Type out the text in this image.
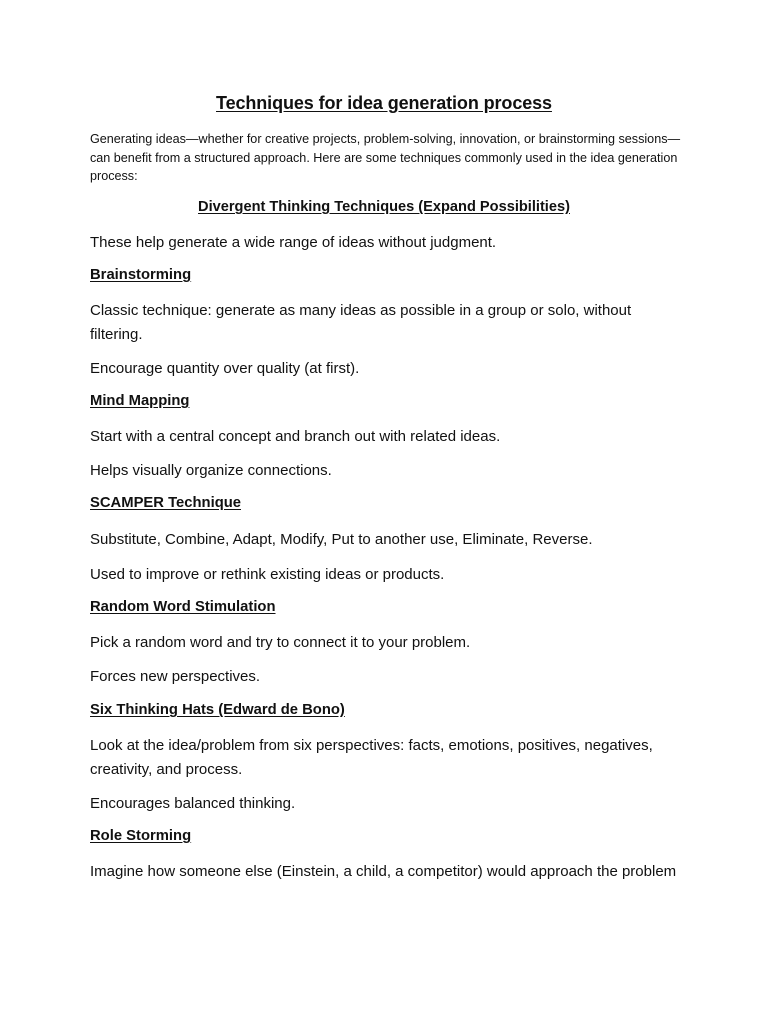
Techniques for idea generation process
Generating ideas—whether for creative projects, problem-solving, innovation, or brainstorming sessions—can benefit from a structured approach. Here are some techniques commonly used in the idea generation process:
Divergent Thinking Techniques (Expand Possibilities)
These help generate a wide range of ideas without judgment.
Brainstorming
Classic technique: generate as many ideas as possible in a group or solo, without filtering.
Encourage quantity over quality (at first).
Mind Mapping
Start with a central concept and branch out with related ideas.
Helps visually organize connections.
SCAMPER Technique
Substitute, Combine, Adapt, Modify, Put to another use, Eliminate, Reverse.
Used to improve or rethink existing ideas or products.
Random Word Stimulation
Pick a random word and try to connect it to your problem.
Forces new perspectives.
Six Thinking Hats (Edward de Bono)
Look at the idea/problem from six perspectives: facts, emotions, positives, negatives, creativity, and process.
Encourages balanced thinking.
Role Storming
Imagine how someone else (Einstein, a child, a competitor) would approach the problem
